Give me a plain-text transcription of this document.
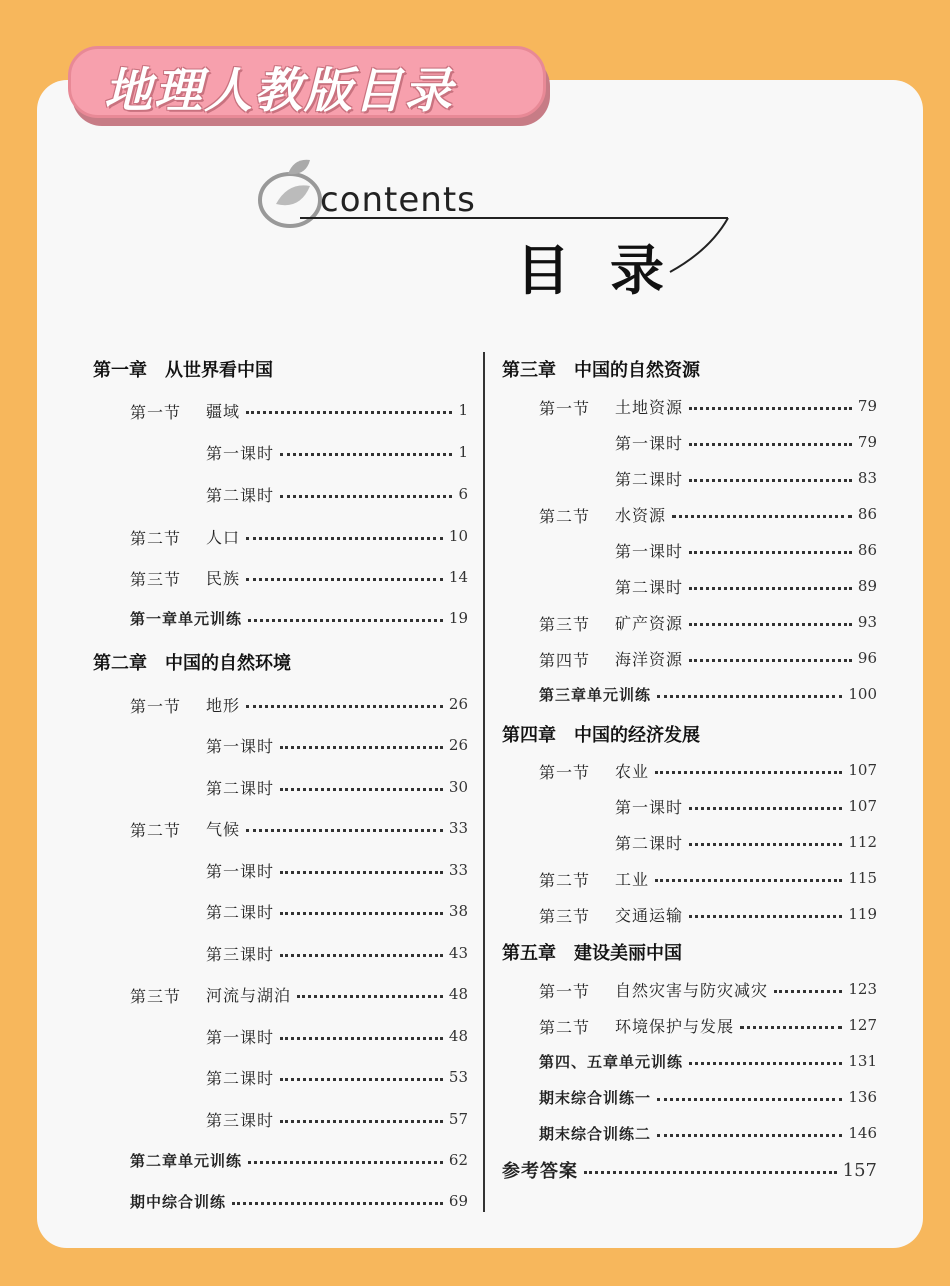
地理人教版目录
contents
目录
第一章　从世界看中国
第一节 疆域	1
第一课时	1
第二课时	6
第二节 人口	10
第三节 民族	14
第一章单元训练	19
第二章　中国的自然环境
第一节 地形	26
第一课时	26
第二课时	30
第二节 气候	33
第一课时	33
第二课时	38
第三课时	43
第三节 河流与湖泊	48
第一课时	48
第二课时	53
第三课时	57
第二章单元训练	62
期中综合训练	69
第三章　中国的自然资源
第一节 土地资源	79
第一课时	79
第二课时	83
第二节 水资源	86
第一课时	86
第二课时	89
第三节 矿产资源	93
第四节 海洋资源	96
第三章单元训练	100
第四章　中国的经济发展
第一节 农业	107
第一课时	107
第二课时	112
第二节 工业	115
第三节 交通运输	119
第五章　建设美丽中国
第一节 自然灾害与防灾减灾	123
第二节 环境保护与发展	127
第四、五章单元训练	131
期末综合训练一	136
期末综合训练二	146
参考答案	157
